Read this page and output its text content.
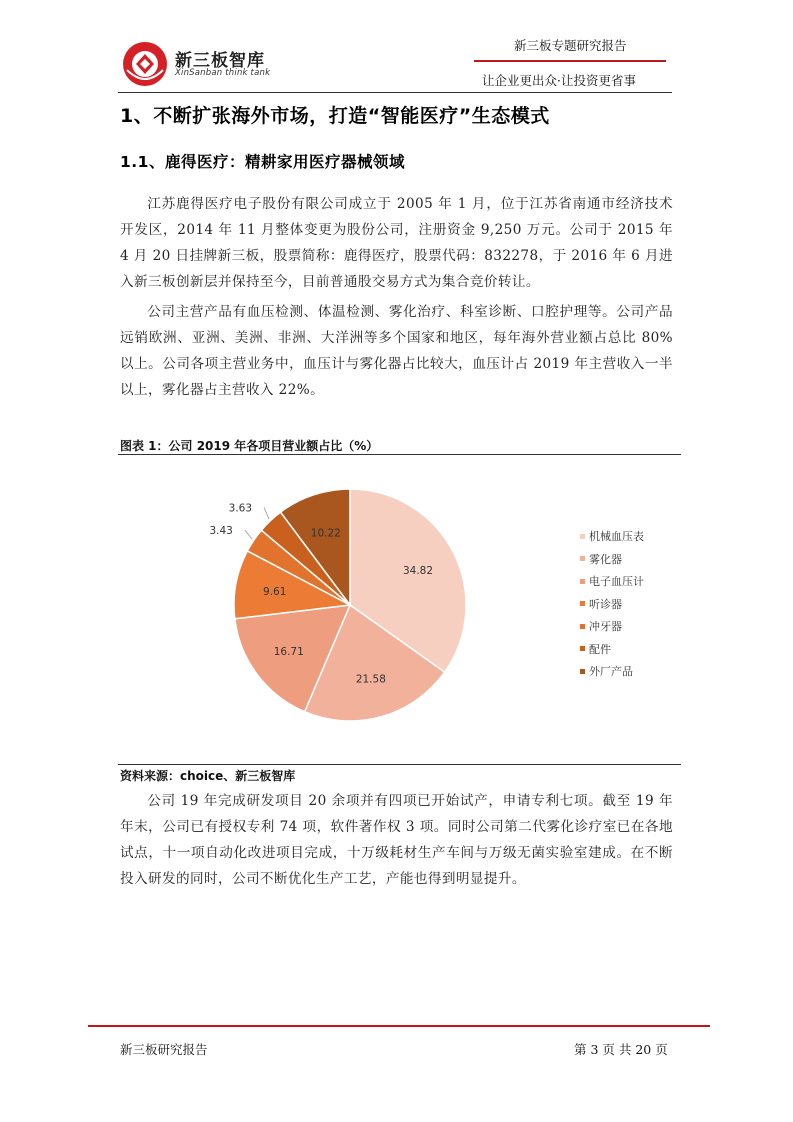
新三板智库
XinSanban think tank
新三板专题研究报告
让企业更出众·让投资更省事
1、不断扩张海外市场，打造“智能医疗”生态模式
1.1、鹿得医疗：精耕家用医疗器械领域

江苏鹿得医疗电子股份有限公司成立于 2005 年 1 月，位于江苏省南通市经济技术开发区，2014 年 11 月整体变更为股份公司，注册资金 9,250 万元。公司于 2015 年 4 月 20 日挂牌新三板，股票简称：鹿得医疗，股票代码：832278，于 2016 年 6 月进入新三板创新层并保持至今，目前普通股交易方式为集合竞价转让。

公司主营产品有血压检测、体温检测、雾化治疗、科室诊断、口腔护理等。公司产品远销欧洲、亚洲、美洲、非洲、大洋洲等多个国家和地区，每年海外营业额占总比 80%以上。公司各项主营业务中，血压计与雾化器占比较大，血压计占 2019 年主营收入一半以上，雾化器占主营收入 22%。

图表 1：公司 2019 年各项目营业额占比（%）
34.82
21.58
16.71
9.61
3.43
3.63
10.22	机械血压表
雾化器
电子血压计
听诊器
冲牙器
配件
外厂产品
资料来源：choice、新三板智库

公司 19 年完成研发项目 20 余项并有四项已开始试产，申请专利七项。截至 19 年年末，公司已有授权专利 74 项，软件著作权 3 项。同时公司第二代雾化诊疗室已在各地试点，十一项自动化改进项目完成，十万级耗材生产车间与万级无菌实验室建成。在不断投入研发的同时，公司不断优化生产工艺，产能也得到明显提升。

新三板研究报告	第 3 页 共 20 页
